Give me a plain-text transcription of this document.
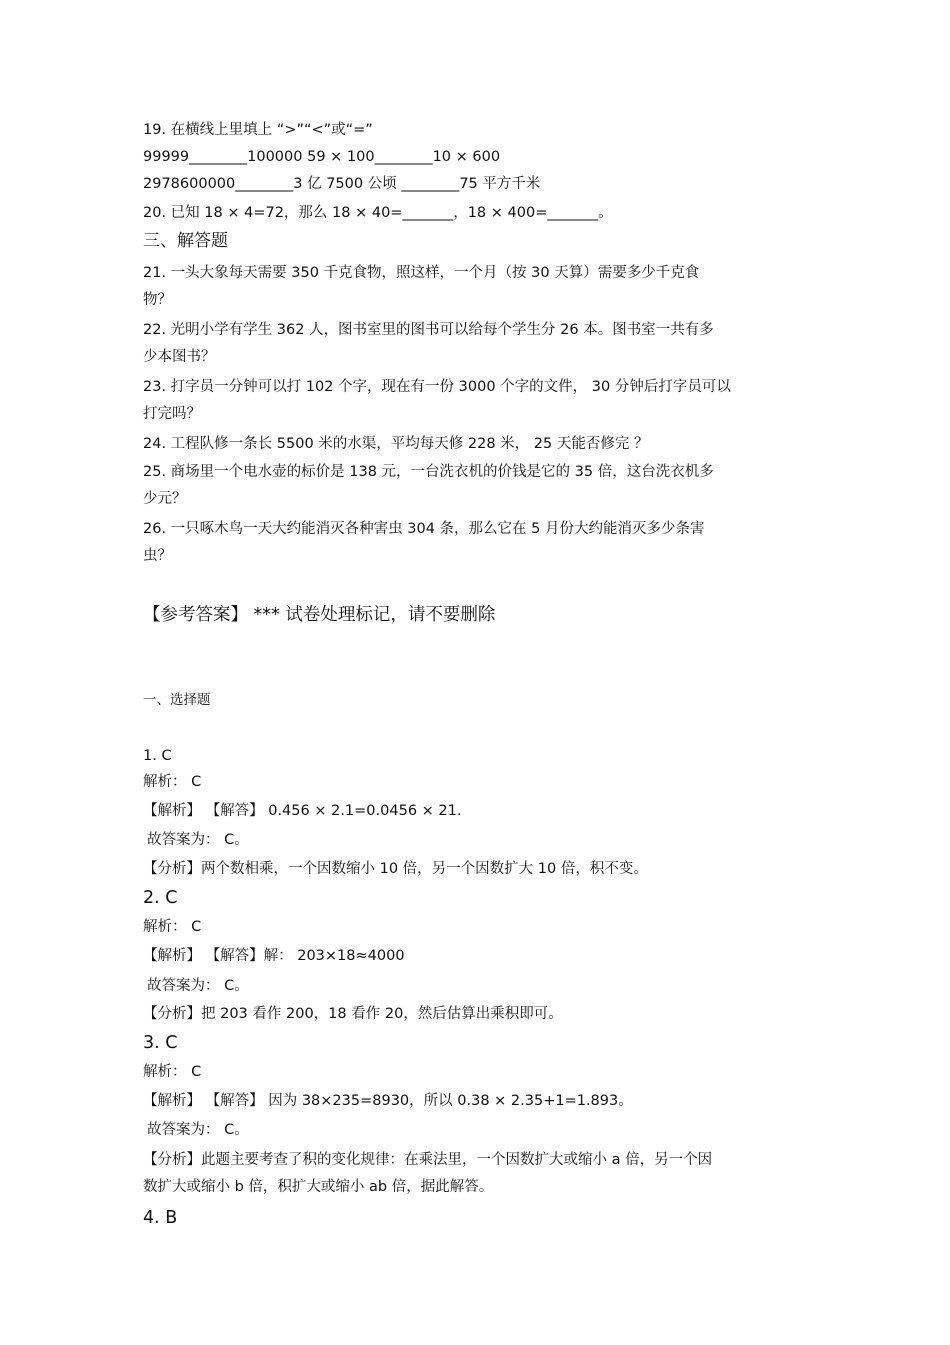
19. 在横线上里填上 “>”“<”或“=”
99999________100000 59 × 100________10 × 600
2978600000________3 亿 7500 公顷 ________75 平方千米
20. 已知 18 × 4=72，那么 18 × 40=_______，18 × 400=_______。
三、解答题
21. 一头大象每天需要 350 千克食物，照这样，一个月（按 30 天算）需要多少千克食
物？
22. 光明小学有学生 362 人，图书室里的图书可以给每个学生分 26 本。图书室一共有多
少本图书？
23. 打字员一分钟可以打 102 个字，现在有一份 3000 个字的文件， 30 分钟后打字员可以
打完吗？
24. 工程队修一条长 5500 米的水渠，平均每天修 228 米， 25 天能否修完 ？
25. 商场里一个电水壶的标价是 138 元，一台洗衣机的价钱是它的 35 倍，这台洗衣机多
少元？
26. 一只啄木鸟一天大约能消灭各种害虫 304 条，那么它在 5 月份大约能消灭多少条害
虫？
【参考答案】 *** 试卷处理标记，请不要删除
一、选择题
1. C
解析： C
【解析】 【解答】 0.456 × 2.1=0.0456 × 21.
故答案为： C。
【分析】两个数相乘，一个因数缩小 10 倍，另一个因数扩大 10 倍，积不变。
2. C
解析： C
【解析】 【解答】解： 203×18≈4000
故答案为： C。
【分析】把 203 看作 200，18 看作 20，然后估算出乘积即可。
3. C
解析： C
【解析】 【解答】 因为 38×235=8930，所以 0.38 × 2.35+1=1.893。
故答案为： C。
【分析】此题主要考查了积的变化规律：在乘法里，一个因数扩大或缩小 a 倍，另一个因
数扩大或缩小 b 倍，积扩大或缩小 ab 倍，据此解答。
4. B
